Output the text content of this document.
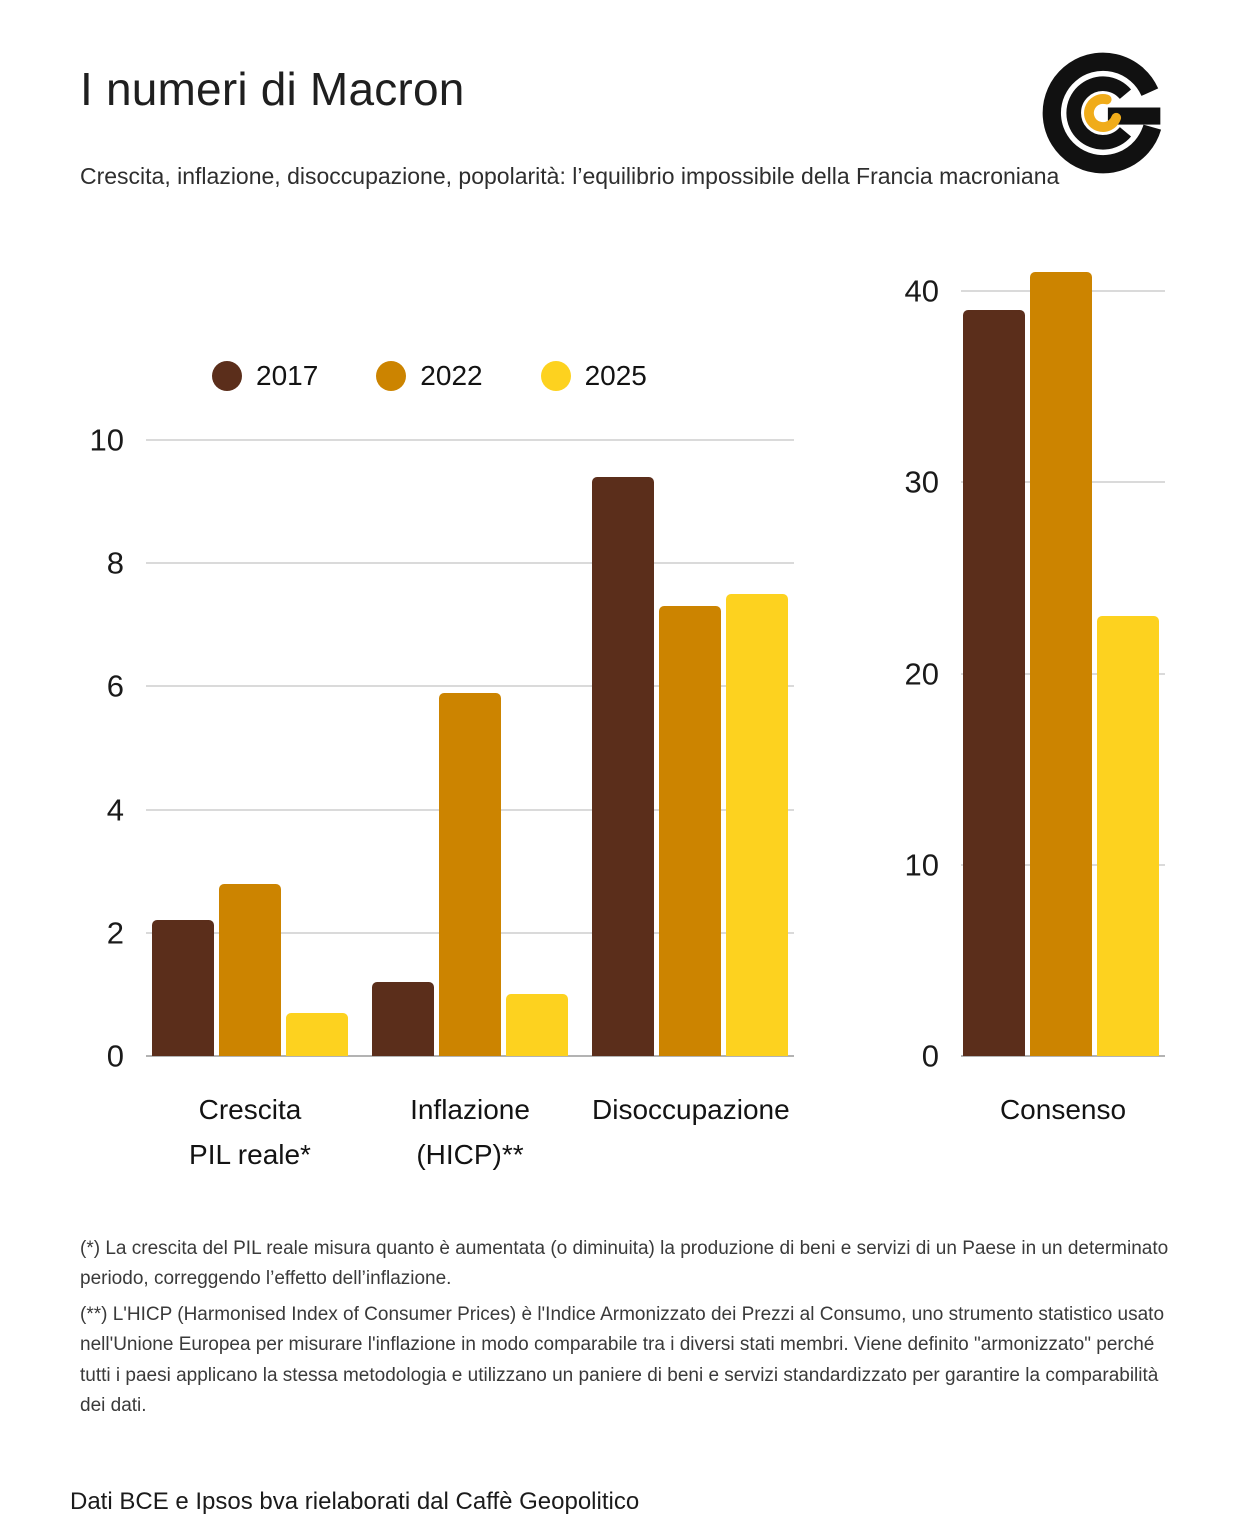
I numeri di Macron

Crescita, inflazione, disoccupazione, popolarità: l’equilibrio impossibile della Francia macroniana

2017	2022	2025
0
2
4
6
8
10
Crescita
PIL reale*
Inflazione
(HICP)**
Disoccupazione
0
10
20
30
40
Consenso

(*) La crescita del PIL reale misura quanto è aumentata (o diminuita) la produzione di beni e servizi di un Paese in un determinato periodo, correggendo l’effetto dell’inflazione.

(**) L'HICP (Harmonised Index of Consumer Prices) è l'Indice Armonizzato dei Prezzi al Consumo, uno strumento statistico usato nell'Unione Europea per misurare l'inflazione in modo comparabile tra i diversi stati membri. Viene definito "armonizzato" perché tutti i paesi applicano la stessa metodologia e utilizzano un paniere di beni e servizi standardizzato per garantire la comparabilità dei dati.

Dati BCE e Ipsos bva rielaborati dal Caffè Geopolitico
